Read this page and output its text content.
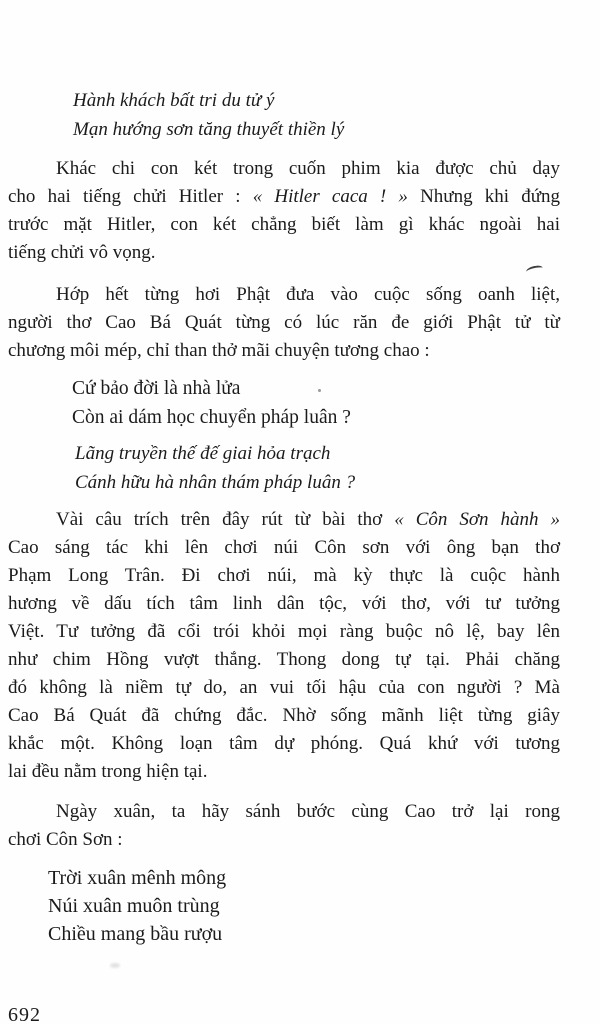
Hành khách bất tri du tử ý
Mạn hướng sơn tăng thuyết thiền lý
Khác chi con két trong cuốn phim kia được chủ dạy
cho hai tiếng chửi Hitler : « Hitler caca ! » Nhưng khi đứng
trước mặt Hitler, con két chẳng biết làm gì khác ngoài hai
tiếng chửi vô vọng.
Hớp hết từng hơi Phật đưa vào cuộc sống oanh liệt,
người thơ Cao Bá Quát từng có lúc răn đe giới Phật tử từ
chương môi mép, chỉ than thở mãi chuyện tương chao :
Cứ bảo đời là nhà lửa
Còn ai dám học chuyển pháp luân ?
Lãng truyền thế đế giai hỏa trạch
Cánh hữu hà nhân thám pháp luân ?
Vài câu trích trên đây rút từ bài thơ « Côn Sơn hành »
Cao sáng tác khi lên chơi núi Côn sơn với ông bạn thơ
Phạm Long Trân. Đi chơi núi, mà kỳ thực là cuộc hành
hương về dấu tích tâm linh dân tộc, với thơ, với tư tưởng
Việt. Tư tưởng đã cổi trói khỏi mọi ràng buộc nô lệ, bay lên
như chim Hồng vượt thắng. Thong dong tự tại. Phải chăng
đó không là niềm tự do, an vui tối hậu của con người ? Mà
Cao Bá Quát đã chứng đắc. Nhờ sống mãnh liệt từng giây
khắc một. Không loạn tâm dự phóng. Quá khứ với tương
lai đều nằm trong hiện tại.
Ngày xuân, ta hãy sánh bước cùng Cao trở lại rong
chơi Côn Sơn :
Trời xuân mênh mông
Núi xuân muôn trùng
Chiều mang bầu rượu
692
